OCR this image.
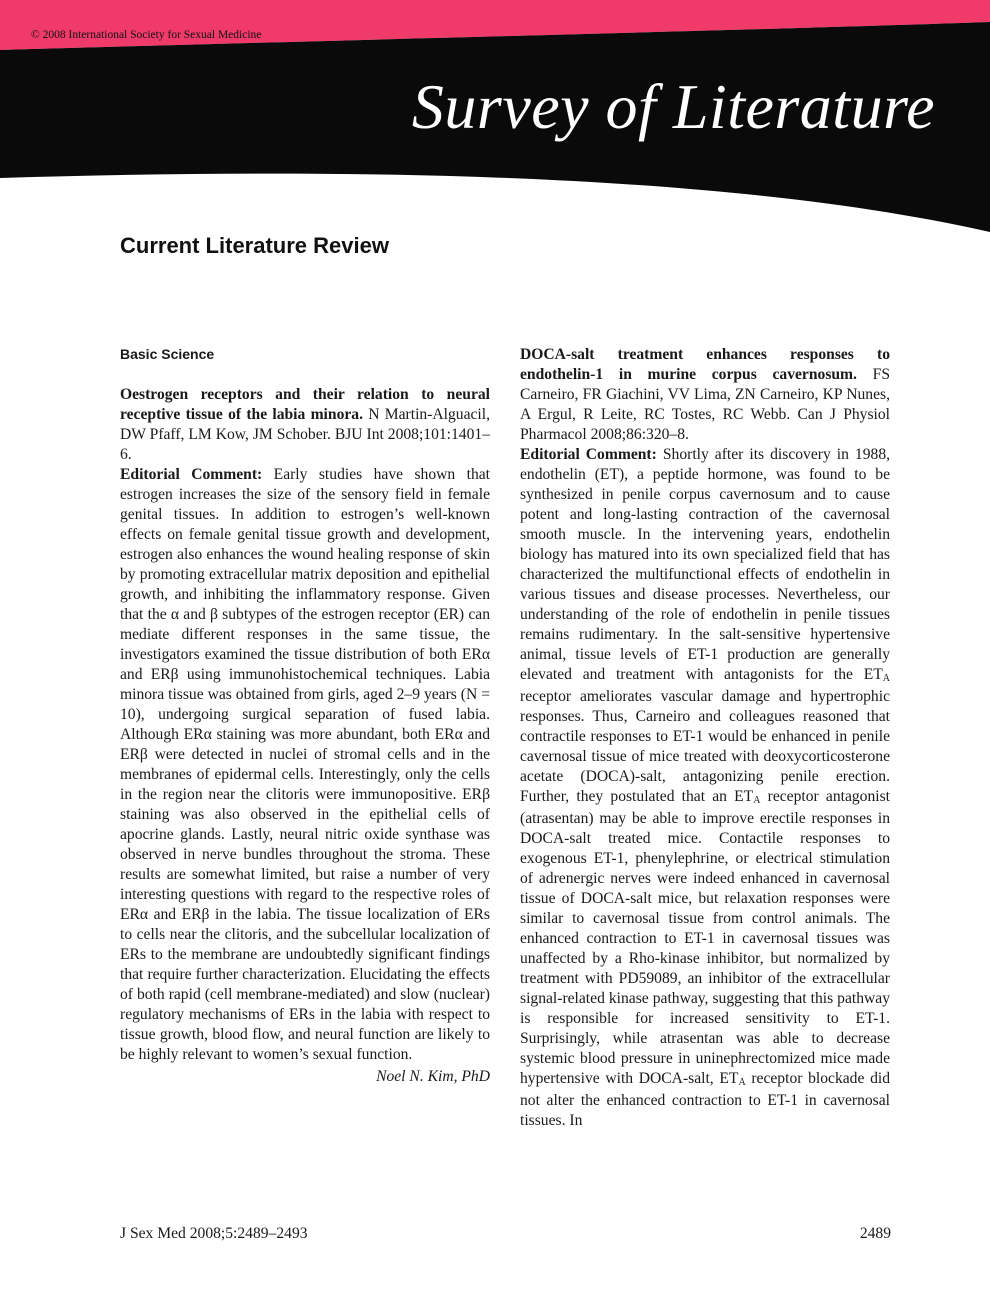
© 2008 International Society for Sexual Medicine
Survey of Literature
Current Literature Review
Basic Science

Oestrogen receptors and their relation to neural receptive tissue of the labia minora. N Martin-Alguacil, DW Pfaff, LM Kow, JM Schober. BJU Int 2008;101:1401–6.

Editorial Comment: Early studies have shown that estrogen increases the size of the sensory field in female genital tissues. In addition to estrogen’s well-known effects on female genital tissue growth and development, estrogen also enhances the wound healing response of skin by promoting extracellular matrix deposition and epithelial growth, and inhibiting the inflammatory response. Given that the α and β subtypes of the estrogen receptor (ER) can mediate different responses in the same tissue, the investigators examined the tissue distribution of both ERα and ERβ using immunohistochemical techniques. Labia minora tissue was obtained from girls, aged 2–9 years (N = 10), undergoing surgical separation of fused labia. Although ERα staining was more abundant, both ERα and ERβ were detected in nuclei of stromal cells and in the membranes of epidermal cells. Interestingly, only the cells in the region near the clitoris were immunopositive. ERβ staining was also observed in the epithelial cells of apocrine glands. Lastly, neural nitric oxide synthase was observed in nerve bundles throughout the stroma. These results are somewhat limited, but raise a number of very interesting questions with regard to the respective roles of ERα and ERβ in the labia. The tissue localization of ERs to cells near the clitoris, and the subcellular localization of ERs to the membrane are undoubtedly significant findings that require further characterization. Elucidating the effects of both rapid (cell membrane-mediated) and slow (nuclear) regulatory mechanisms of ERs in the labia with respect to tissue growth, blood flow, and neural function are likely to be highly relevant to women’s sexual function.

Noel N. Kim, PhD

DOCA-salt treatment enhances responses to endothelin-1 in murine corpus cavernosum. FS Carneiro, FR Giachini, VV Lima, ZN Carneiro, KP Nunes, A Ergul, R Leite, RC Tostes, RC Webb. Can J Physiol Pharmacol 2008;86:320–8.

Editorial Comment: Shortly after its discovery in 1988, endothelin (ET), a peptide hormone, was found to be synthesized in penile corpus cavernosum and to cause potent and long-lasting contraction of the cavernosal smooth muscle. In the intervening years, endothelin biology has matured into its own specialized field that has characterized the multifunctional effects of endothelin in various tissues and disease processes. Nevertheless, our understanding of the role of endothelin in penile tissues remains rudimentary. In the salt-sensitive hypertensive animal, tissue levels of ET-1 production are generally elevated and treatment with antagonists for the ETA receptor ameliorates vascular damage and hypertrophic responses. Thus, Carneiro and colleagues reasoned that contractile responses to ET-1 would be enhanced in penile cavernosal tissue of mice treated with deoxycorticosterone acetate (DOCA)-salt, antagonizing penile erection. Further, they postulated that an ETA receptor antagonist (atrasentan) may be able to improve erectile responses in DOCA-salt treated mice. Contactile responses to exogenous ET-1, phenylephrine, or electrical stimulation of adrenergic nerves were indeed enhanced in cavernosal tissue of DOCA-salt mice, but relaxation responses were similar to cavernosal tissue from control animals. The enhanced contraction to ET-1 in cavernosal tissues was unaffected by a Rho-kinase inhibitor, but normalized by treatment with PD59089, an inhibitor of the extracellular signal-related kinase pathway, suggesting that this pathway is responsible for increased sensitivity to ET-1. Surprisingly, while atrasentan was able to decrease systemic blood pressure in uninephrectomized mice made hypertensive with DOCA-salt, ETA receptor blockade did not alter the enhanced contraction to ET-1 in cavernosal tissues. In

J Sex Med 2008;5:2489–2493	2489
